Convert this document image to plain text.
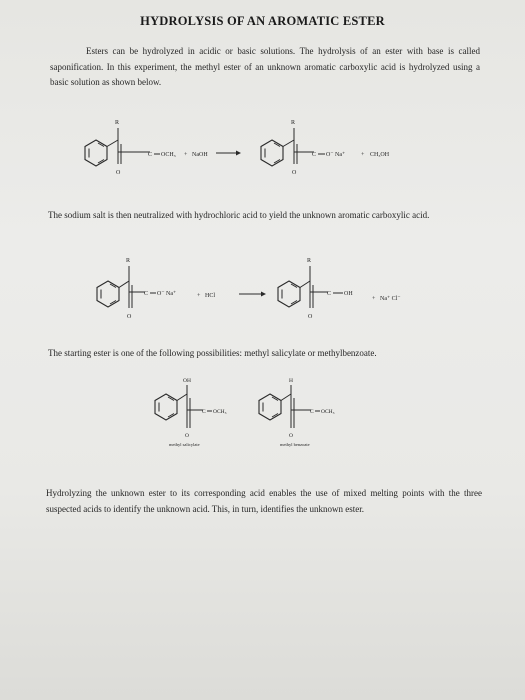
HYDROLYSIS OF AN AROMATIC ESTER
Esters can be hydrolyzed in acidic or basic solutions. The hydrolysis of an ester with base is called saponification. In this experiment, the methyl ester of an unknown aromatic carboxylic acid is hydrolyzed using a basic solution as shown below.
R
O
C OCH₃ + NaOH
R
O
C O⁻ Na⁺	+ CH₃OH
The sodium salt is then neutralized with hydrochloric acid to yield the unknown aromatic carboxylic acid.
R
O
C O⁻ Na⁺	+ HCl
R
O
C OH
+ Na⁺ Cl⁻
The starting ester is one of the following possibilities: methyl salicylate or methylbenzoate.
OH
O
C OCH₃
methyl salicylate
H
O
C OCH₃
methyl benzoate
Hydrolyzing the unknown ester to its corresponding acid enables the use of mixed melting points with the three suspected acids to identify the unknown acid. This, in turn, identifies the unknown ester.
